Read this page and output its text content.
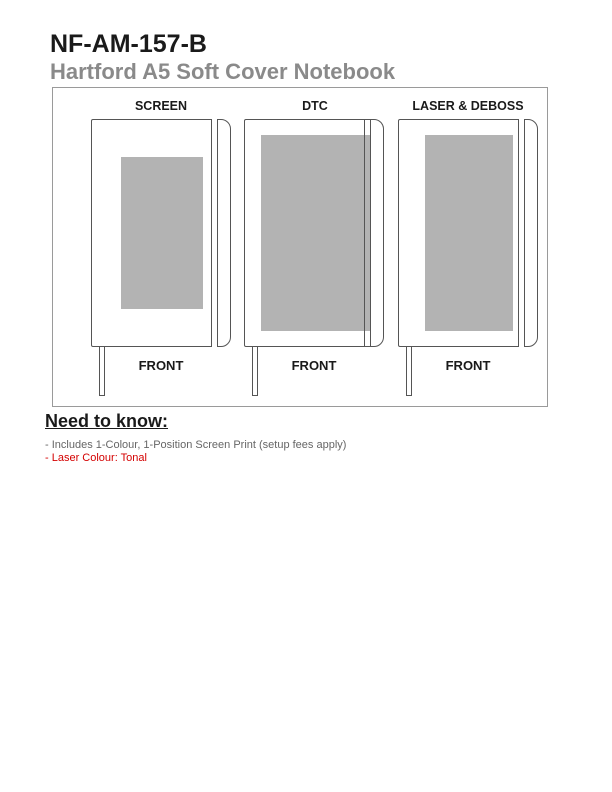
NF-AM-157-B
Hartford A5 Soft Cover Notebook
SCREEN
FRONT
DTC
FRONT
LASER & DEBOSS
FRONT
Need to know:

- Includes 1-Colour, 1-Position Screen Print (setup fees apply)

- Laser Colour: Tonal
